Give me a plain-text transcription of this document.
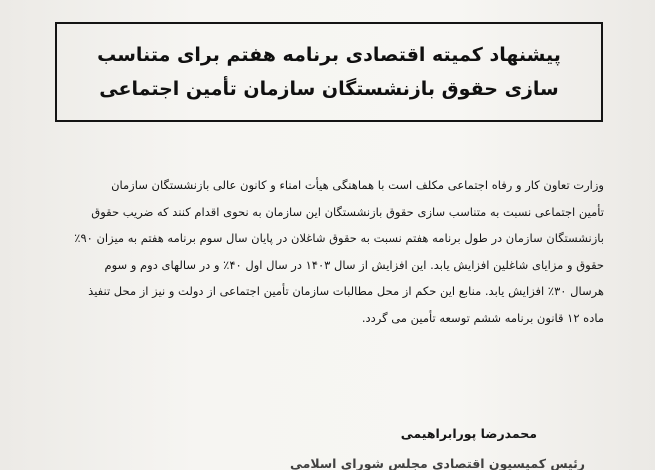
پیشنهاد کمیته اقتصادی برنامه هفتم برای متناسب
سازی حقوق بازنشستگان سازمان تأمین اجتماعی
وزارت تعاون کار و رفاه اجتماعی مکلف است با هماهنگی هیأت امناء و کانون عالی بازنشستگان سازمان
تأمین اجتماعی نسبت به متناسب سازی حقوق بازنشستگان این سازمان به نحوی اقدام کنند که ضریب حقوق
بازنشستگان سازمان در طول برنامه هفتم نسبت به حقوق شاغلان در پایان سال سوم برنامه هفتم به میزان ۹۰٪
حقوق و مزایای شاغلین افزایش یابد. این افزایش از سال ۱۴۰۳ در سال اول ۴۰٪ و در سالهای دوم و سوم
هرسال ۳۰٪ افزایش یابد. منابع این حکم از محل مطالبات سازمان تأمین اجتماعی از دولت و نیز از محل تنفیذ
ماده ۱۲ قانون برنامه ششم توسعه تأمین می گردد.
محمدرضا پورابراهیمی
رئیس کمیسیون اقتصادی مجلس شورای اسلامی
